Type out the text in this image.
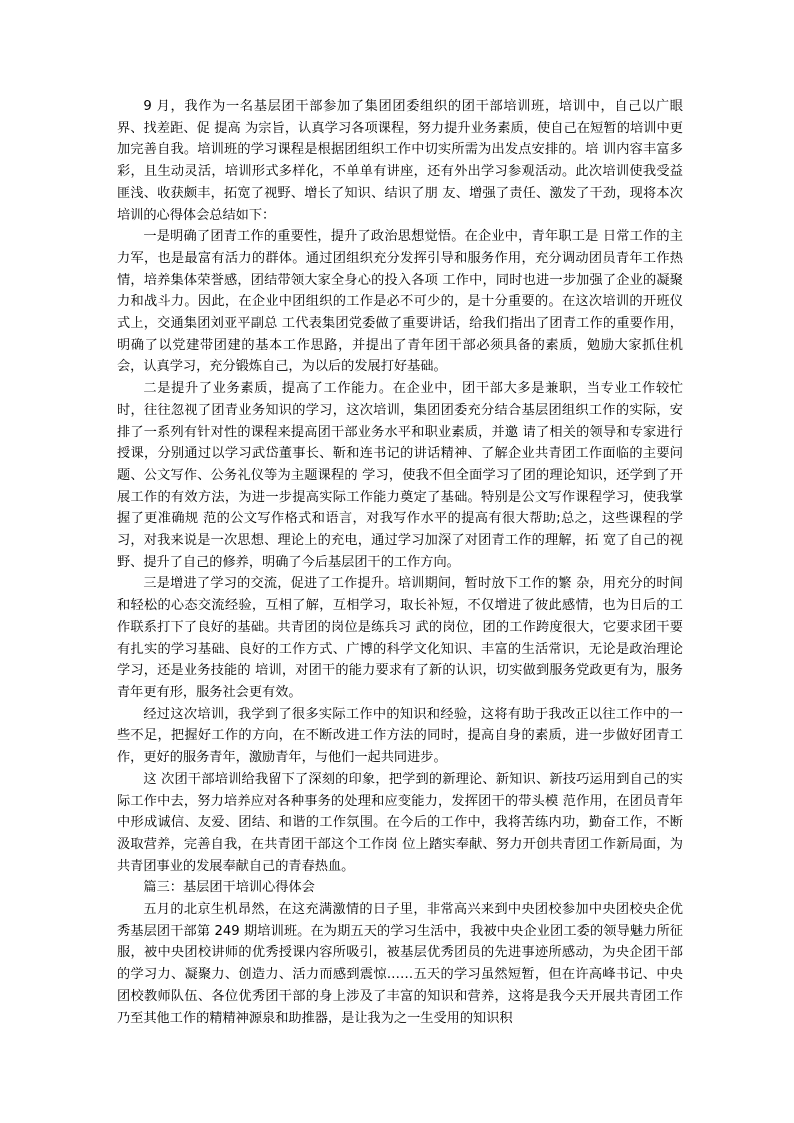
9 月，我作为一名基层团干部参加了集团团委组织的团干部培训班，培训中，自己以广眼界、找差距、促 提高 为宗旨，认真学习各项课程，努力提升业务素质，使自己在短暂的培训中更加完善自我。培训班的学习课程是根据团组织工作中切实所需为出发点安排的。培 训内容丰富多彩，且生动灵活，培训形式多样化，不单单有讲座，还有外出学习参观活动。此次培训使我受益匪浅、收获颇丰，拓宽了视野、增长了知识、结识了朋 友、增强了责任、激发了干劲，现将本次培训的心得体会总结如下：

一是明确了团青工作的重要性，提升了政治思想觉悟。在企业中，青年职工是 日常工作的主力军，也是最富有活力的群体。通过团组织充分发挥引导和服务作用，充分调动团员青年工作热情，培养集体荣誉感，团结带领大家全身心的投入各项 工作中，同时也进一步加强了企业的凝聚力和战斗力。因此，在企业中团组织的工作是必不可少的，是十分重要的。在这次培训的开班仪式上，交通集团刘亚平副总 工代表集团党委做了重要讲话，给我们指出了团青工作的重要作用，明确了以党建带团建的基本工作思路，并提出了青年团干部必须具备的素质，勉励大家抓住机 会，认真学习，充分锻炼自己，为以后的发展打好基础。

二是提升了业务素质，提高了工作能力。在企业中，团干部大多是兼职，当专业工作较忙 时，往往忽视了团青业务知识的学习，这次培训，集团团委充分结合基层团组织工作的实际，安排了一系列有针对性的课程来提高团干部业务水平和职业素质，并邀 请了相关的领导和专家进行授课，分别通过以学习武岱董事长、靳和连书记的讲话精神、了解企业共青团工作面临的主要问题、公文写作、公务礼仪等为主题课程的 学习，使我不但全面学习了团的理论知识，还学到了开展工作的有效方法，为进一步提高实际工作能力奠定了基础。特别是公文写作课程学习，使我掌握了更准确规 范的公文写作格式和语言，对我写作水平的提高有很大帮助;总之，这些课程的学习，对我来说是一次思想、理论上的充电，通过学习加深了对团青工作的理解，拓 宽了自己的视野、提升了自己的修养，明确了今后基层团干的工作方向。

三是增进了学习的交流，促进了工作提升。培训期间，暂时放下工作的繁 杂，用充分的时间和轻松的心态交流经验，互相了解，互相学习，取长补短，不仅增进了彼此感情，也为日后的工作联系打下了良好的基础。共青团的岗位是练兵习 武的岗位，团的工作跨度很大，它要求团干要有扎实的学习基础、良好的工作方式、广博的科学文化知识、丰富的生活常识，无论是政治理论学习，还是业务技能的 培训，对团干的能力要求有了新的认识，切实做到服务党政更有为，服务青年更有形，服务社会更有效。

经过这次培训，我学到了很多实际工作中的知识和经验，这将有助于我改正以往工作中的一些不足，把握好工作的方向，在不断改进工作方法的同时，提高自身的素质，进一步做好团青工作，更好的服务青年，激励青年，与他们一起共同进步。

这 次团干部培训给我留下了深刻的印象，把学到的新理论、新知识、新技巧运用到自己的实际工作中去，努力培养应对各种事务的处理和应变能力，发挥团干的带头模 范作用，在团员青年中形成诚信、友爱、团结、和谐的工作氛围。在今后的工作中，我将苦练内功，勤奋工作，不断汲取营养，完善自我，在共青团干部这个工作岗 位上踏实奉献、努力开创共青团工作新局面，为共青团事业的发展奉献自己的青春热血。

篇三：基层团干培训心得体会

五月的北京生机昂然，在这充满激情的日子里，非常高兴来到中央团校参加中央团校央企优秀基层团干部第 249 期培训班。在为期五天的学习生活中，我被中央企业团工委的领导魅力所征服，被中央团校讲师的优秀授课内容所吸引，被基层优秀团员的先进事迹所感动，为央企团干部的学习力、凝聚力、创造力、活力而感到震惊……五天的学习虽然短暂，但在许高峰书记、中央团校教师队伍、各位优秀团干部的身上涉及了丰富的知识和营养，这将是我今天开展共青团工作乃至其他工作的精精神源泉和助推器，是让我为之一生受用的知识积
